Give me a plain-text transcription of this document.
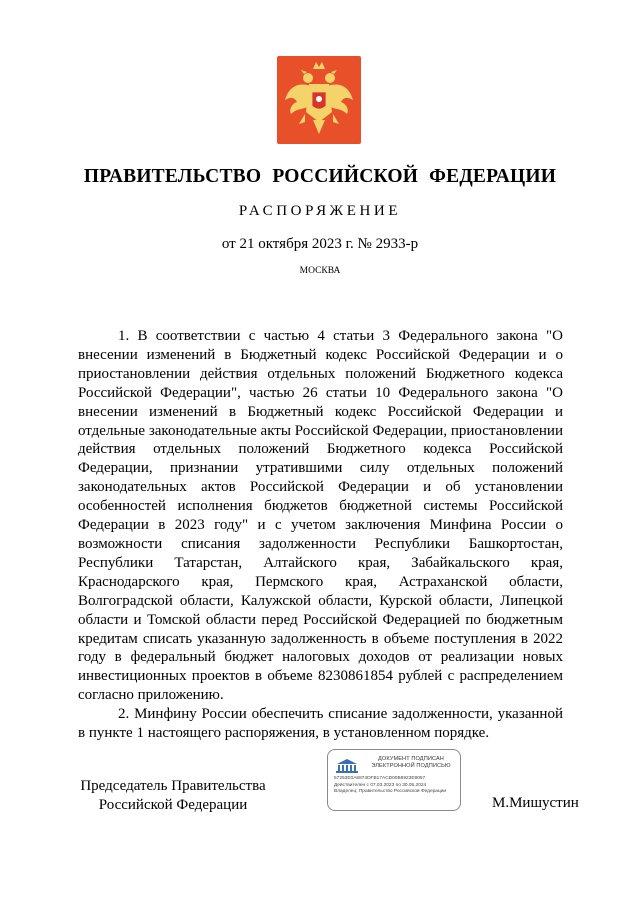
ПРАВИТЕЛЬСТВО РОССИЙСКОЙ ФЕДЕРАЦИИ
РАСПОРЯЖЕНИЕ
от 21 октября 2023 г. № 2933-р
МОСКВА

1. В соответствии с частью 4 статьи 3 Федерального закона "О внесении изменений в Бюджетный кодекс Российской Федерации и о приостановлении действия отдельных положений Бюджетного кодекса Российской Федерации", частью 26 статьи 10 Федерального закона "О внесении изменений в Бюджетный кодекс Российской Федерации и отдельные законодательные акты Российской Федерации, приостановлении действия отдельных положений Бюджетного кодекса Российской Федерации, признании утратившими силу отдельных положений законодательных актов Российской Федерации и об установлении особенностей исполнения бюджетов бюджетной системы Российской Федерации в 2023 году" и с учетом заключения Минфина России о возможности списания задолженности Республики Башкортостан, Республики Татарстан, Алтайского края, Забайкальского края, Краснодарского края, Пермского края, Астраханской области, Волгоградской области, Калужской области, Курской области, Липецкой области и Томской области перед Российской Федерацией по бюджетным кредитам списать указанную задолженность в объеме поступления в 2022 году в федеральный бюджет налоговых доходов от реализации новых инвестиционных проектов в объеме 8230861854 рублей с распределением согласно приложению.

2. Минфину России обеспечить списание задолженности, указанной в пункте 1 настоящего распоряжения, в установленном порядке.

Председатель Правительства
Российской Федерации
ДОКУМЕНТ ПОДПИСАН
ЭЛЕКТРОННОЙ ПОДПИСЬЮ
57253E0A6874DFB17ACD00B8923E9057
Действителен с 07.03.2023 по 30.05.2024
Владелец: Правительство Российской Федерации
М.Мишустин
